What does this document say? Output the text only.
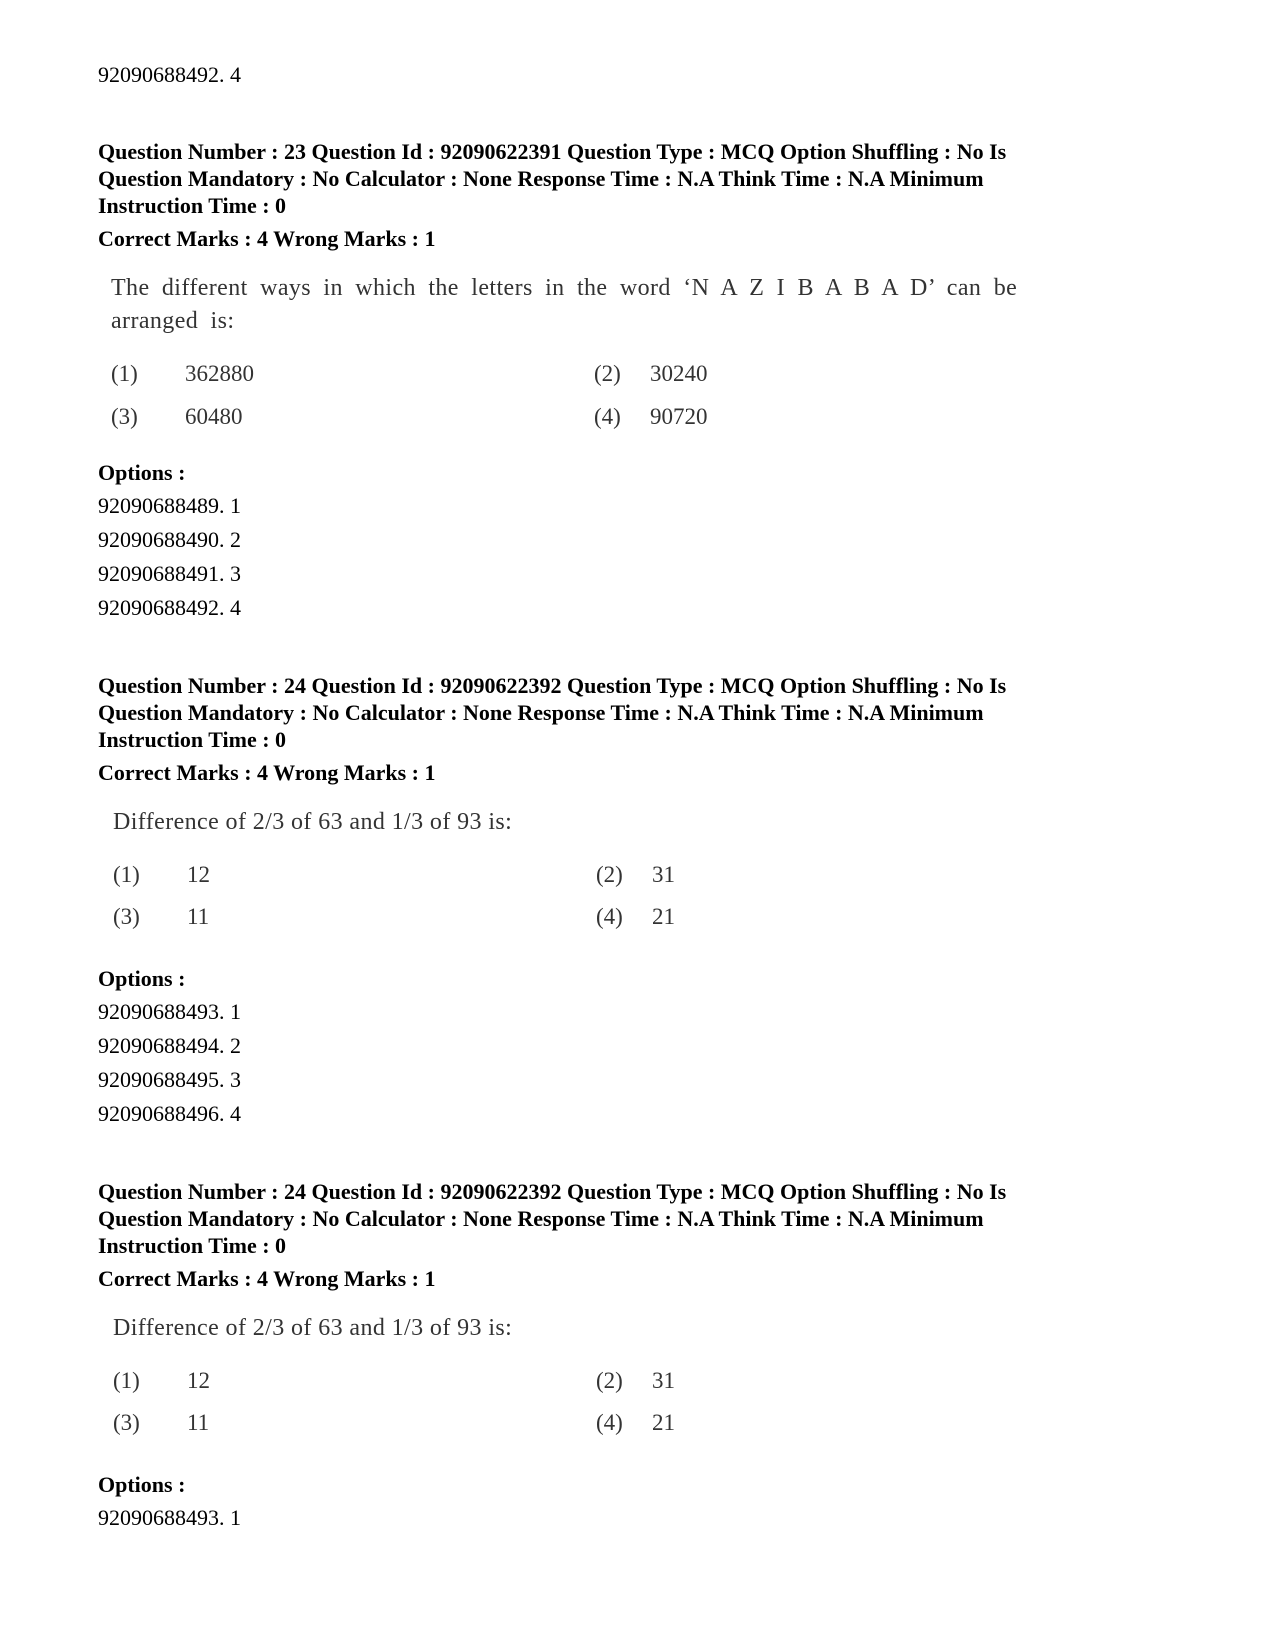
92090688492. 4
Question Number : 23 Question Id : 92090622391 Question Type : MCQ Option Shuffling : No Is
Question Mandatory : No Calculator : None Response Time : N.A Think Time : N.A Minimum
Instruction Time : 0
Correct Marks : 4 Wrong Marks : 1
The different ways in which the letters in the word ‘N A Z I B A B A D’ can be
arranged is:
(1) 362880	(2) 30240
(3) 60480	(4) 90720
Options :
92090688489. 1
92090688490. 2
92090688491. 3
92090688492. 4
Question Number : 24 Question Id : 92090622392 Question Type : MCQ Option Shuffling : No Is
Question Mandatory : No Calculator : None Response Time : N.A Think Time : N.A Minimum
Instruction Time : 0
Correct Marks : 4 Wrong Marks : 1
Difference of 2/3 of 63 and 1/3 of 93 is:
(1) 12	(2) 31
(3) 11	(4) 21
Options :
92090688493. 1
92090688494. 2
92090688495. 3
92090688496. 4
Question Number : 24 Question Id : 92090622392 Question Type : MCQ Option Shuffling : No Is
Question Mandatory : No Calculator : None Response Time : N.A Think Time : N.A Minimum
Instruction Time : 0
Correct Marks : 4 Wrong Marks : 1
Difference of 2/3 of 63 and 1/3 of 93 is:
(1) 12	(2) 31
(3) 11	(4) 21
Options :
92090688493. 1
